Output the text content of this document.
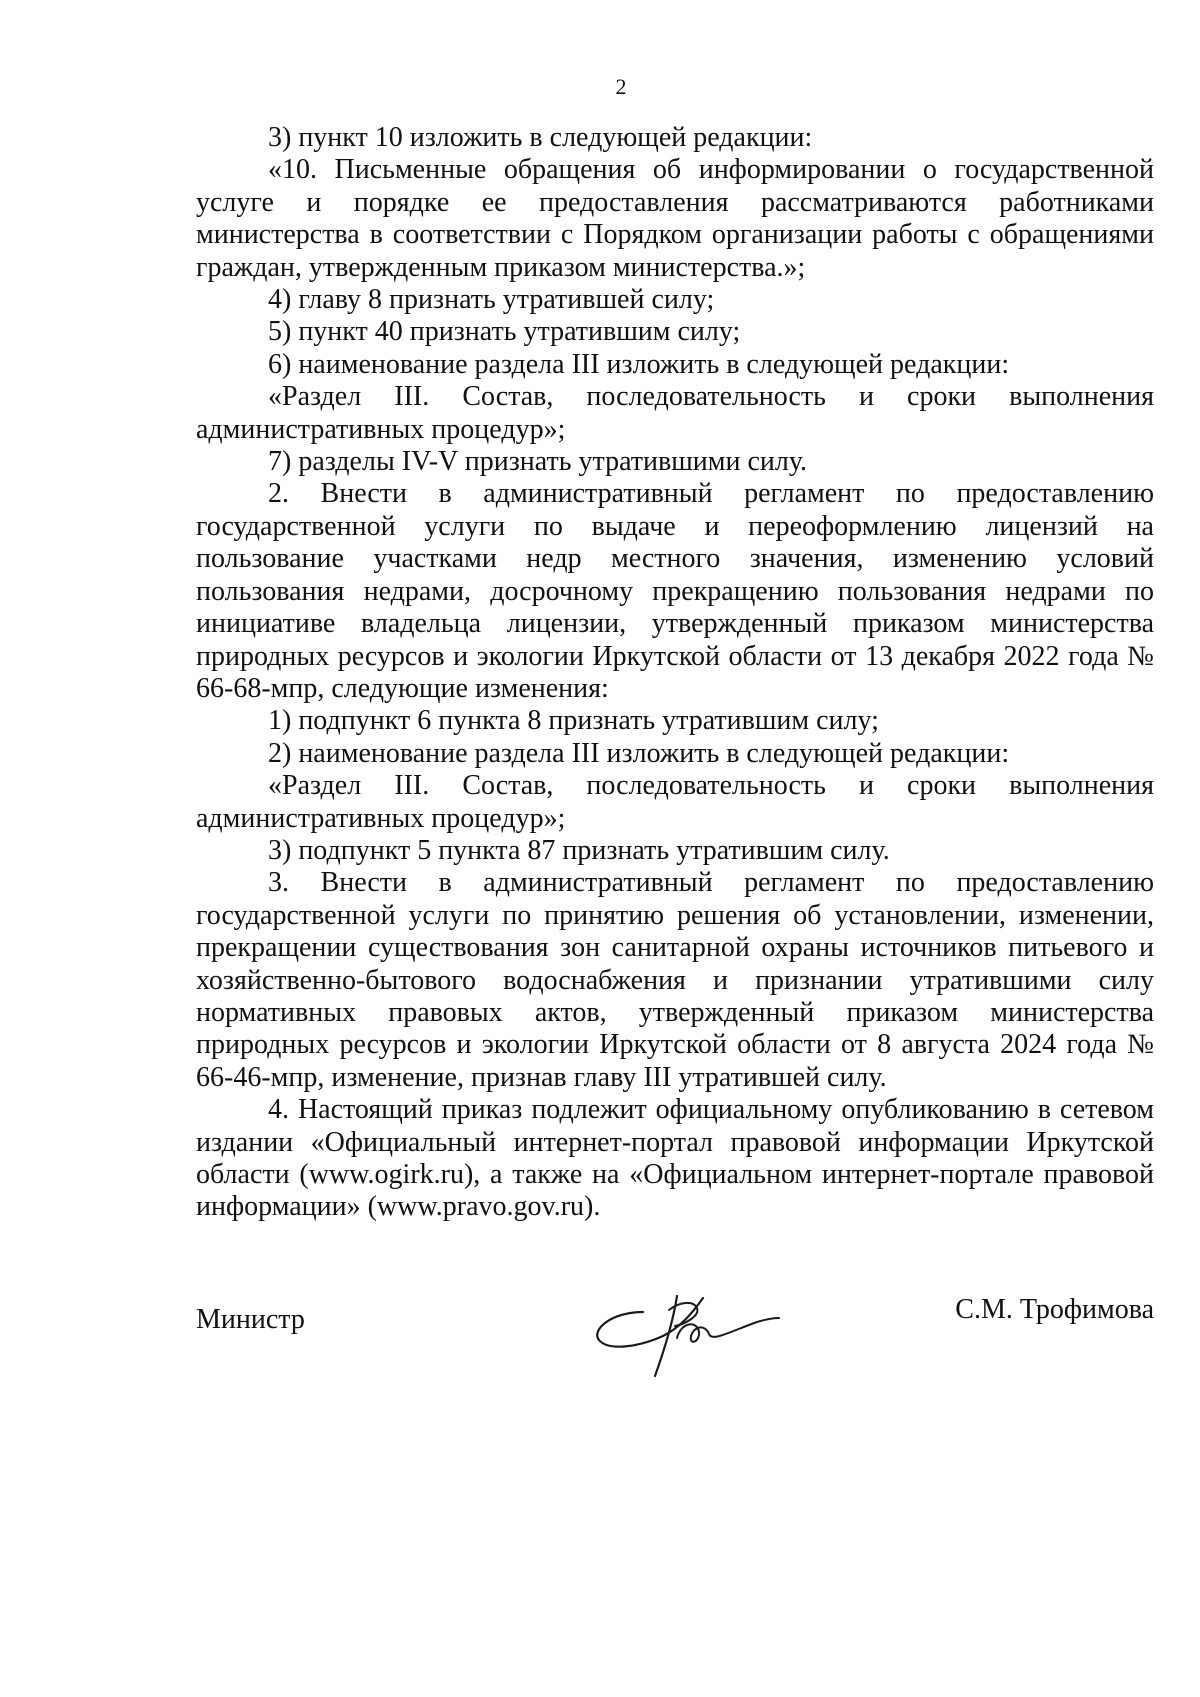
2

3) пункт 10 изложить в следующей редакции:

«10. Письменные обращения об информировании о государственной услуге и порядке ее предоставления рассматриваются работниками министерства в соответствии с Порядком организации работы с обращениями граждан, утвержденным приказом министерства.»;

4) главу 8 признать утратившей силу;

5) пункт 40 признать утратившим силу;

6) наименование раздела III изложить в следующей редакции:

«Раздел III. Состав, последовательность и сроки выполнения административных процедур»;

7) разделы IV-V признать утратившими силу.

2. Внести в административный регламент по предоставлению государственной услуги по выдаче и переоформлению лицензий на пользование участками недр местного значения, изменению условий пользования недрами, досрочному прекращению пользования недрами по инициативе владельца лицензии, утвержденный приказом министерства природных ресурсов и экологии Иркутской области от 13 декабря 2022 года № 66-68-мпр, следующие изменения:

1) подпункт 6 пункта 8 признать утратившим силу;

2) наименование раздела III изложить в следующей редакции:

«Раздел III. Состав, последовательность и сроки выполнения административных процедур»;

3) подпункт 5 пункта 87 признать утратившим силу.

3. Внести в административный регламент по предоставлению государственной услуги по принятию решения об установлении, изменении, прекращении существования зон санитарной охраны источников питьевого и хозяйственно-бытового водоснабжения и признании утратившими силу нормативных правовых актов, утвержденный приказом министерства природных ресурсов и экологии Иркутской области от 8 августа 2024 года № 66-46-мпр, изменение, признав главу III утратившей силу.

4. Настоящий приказ подлежит официальному опубликованию в сетевом издании «Официальный интернет-портал правовой информации Иркутской области (www.ogirk.ru), а также на «Официальном интернет-портале правовой информации» (www.pravo.gov.ru).

Министр	С.М. Трофимова
